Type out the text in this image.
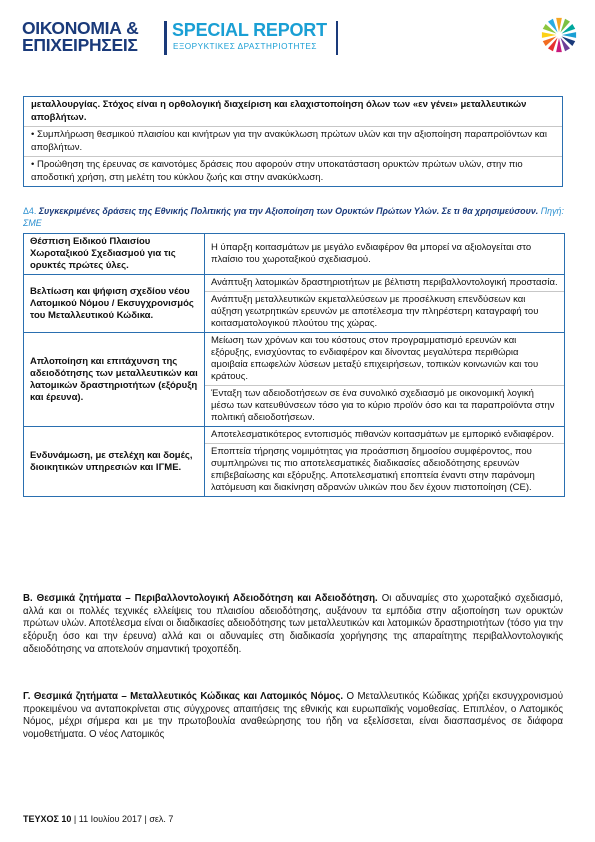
ΟΙΚΟΝΟΜΙΑ &
ΕΠΙΧΕΙΡΗΣΕΙΣ
SPECIAL REPORT
ΕΞΟΡΥΚΤΙΚΕΣ ΔΡΑΣΤΗΡΙΟΤΗΤΕΣ
μεταλλουργίας. Στόχος είναι η ορθολογική διαχείριση και ελαχιστοποίηση όλων των «εν γένει» μεταλλευτικών αποβλήτων.
• Συμπλήρωση θεσμικού πλαισίου και κινήτρων για την ανακύκλωση πρώτων υλών και την αξιοποίηση παραπροϊόντων και αποβλήτων.
• Προώθηση της έρευνας σε καινοτόμες δράσεις που αφορούν στην υποκατάσταση ορυκτών πρώτων υλών, στην πιο αποδοτική χρήση, στη μελέτη του κύκλου ζωής και στην ανακύκλωση.
Δ4. Συγκεκριμένες δράσεις της Εθνικής Πολιτικής για την Αξιοποίηση των Ορυκτών Πρώτων Υλών. Σε τι θα χρησιμεύσουν. Πηγή: ΣΜΕ
Θέσπιση Ειδικού Πλαισίου Χωροταξικού Σχεδιασμού για τις ορυκτές πρώτες ύλες.	Η ύπαρξη κοιτασμάτων με μεγάλο ενδιαφέρον θα μπορεί να αξιολογείται στο πλαίσιο του χωροταξικού σχεδιασμού.

Βελτίωση και ψήφιση σχεδίου νέου Λατομικού Νόμου / Εκσυγχρονισμός του Μεταλλευτικού Κώδικα.	Ανάπτυξη λατομικών δραστηριοτήτων με βέλτιστη περιβαλλοντολογική προστασία.
Ανάπτυξη μεταλλευτικών εκμεταλλεύσεων με προσέλκυση επενδύσεων και αύξηση γεωτρητικών ερευνών με αποτέλεσμα την πληρέστερη καταγραφή του κοιτασματολογικού πλούτου της χώρας.

Απλοποίηση και επιτάχυνση της αδειοδότησης των μεταλλευτικών και λατομικών δραστηριοτήτων (εξόρυξη και έρευνα).	Μείωση των χρόνων και του κόστους στον προγραμματισμό ερευνών και εξόρυξης, ενισχύοντας το ενδιαφέρον και δίνοντας μεγαλύτερα περιθώρια αμοιβαία επωφελών λύσεων μεταξύ επιχειρήσεων, τοπικών κοινωνιών και του κράτους.
Ένταξη των αδειοδοτήσεων σε ένα συνολικό σχεδιασμό με οικονομική λογική μέσω των κατευθύνσεων τόσο για το κύριο προϊόν όσο και τα παραπροϊόντα στην πολιτική αδειοδοτήσεων.

Ενδυνάμωση, με στελέχη και δομές, διοικητικών υπηρεσιών και ΙΓΜΕ.	Αποτελεσματικότερος εντοπισμός πιθανών κοιτασμάτων με εμπορικό ενδιαφέρον.
Εποπτεία τήρησης νομιμότητας για προάσπιση δημοσίου συμφέροντος, που συμπληρώνει τις πιο αποτελεσματικές διαδικασίες αδειοδότησης ερευνών επιβεβαίωσης και εξόρυξης. Αποτελεσματική εποπτεία έναντι στην παράνομη λατόμευση και διακίνηση αδρανών υλικών που δεν έχουν πιστοποίηση (CE).
Β. Θεσμικά ζητήματα – Περιβαλλοντολογική Αδειοδότηση και Αδειοδότηση. Οι αδυναμίες στο χωροταξικό σχεδιασμό, αλλά και οι πολλές τεχνικές ελλείψεις του πλαισίου αδειοδότησης, αυξάνουν τα εμπόδια στην αξιοποίηση των ορυκτών πρώτων υλών. Αποτέλεσμα είναι οι διαδικασίες αδειοδότησης των μεταλλευτικών και λατομικών δραστηριοτήτων (τόσο για την εξόρυξη όσο και την έρευνα) αλλά και οι αδυναμίες στη διαδικασία χορήγησης της απαραίτητης περιβαλλοντολογικής αδειοδότησης να αποτελούν σημαντική τροχοπέδη.
Γ. Θεσμικά ζητήματα – Μεταλλευτικός Κώδικας και Λατομικός Νόμος. Ο Μεταλλευτικός Κώδικας χρήζει εκσυγχρονισμού προκειμένου να ανταποκρίνεται στις σύγχρονες απαιτήσεις της εθνικής και ευρωπαϊκής νομοθεσίας. Επιπλέον, ο Λατομικός Νόμος, μέχρι σήμερα και με την πρωτοβουλία αναθεώρησης του ήδη να εξελίσσεται, είναι διασπασμένος σε διάφορα νομοθετήματα. Ο νέος Λατομικός
ΤΕΥΧΟΣ 10 | 11 Ιουλίου 2017 | σελ. 7
